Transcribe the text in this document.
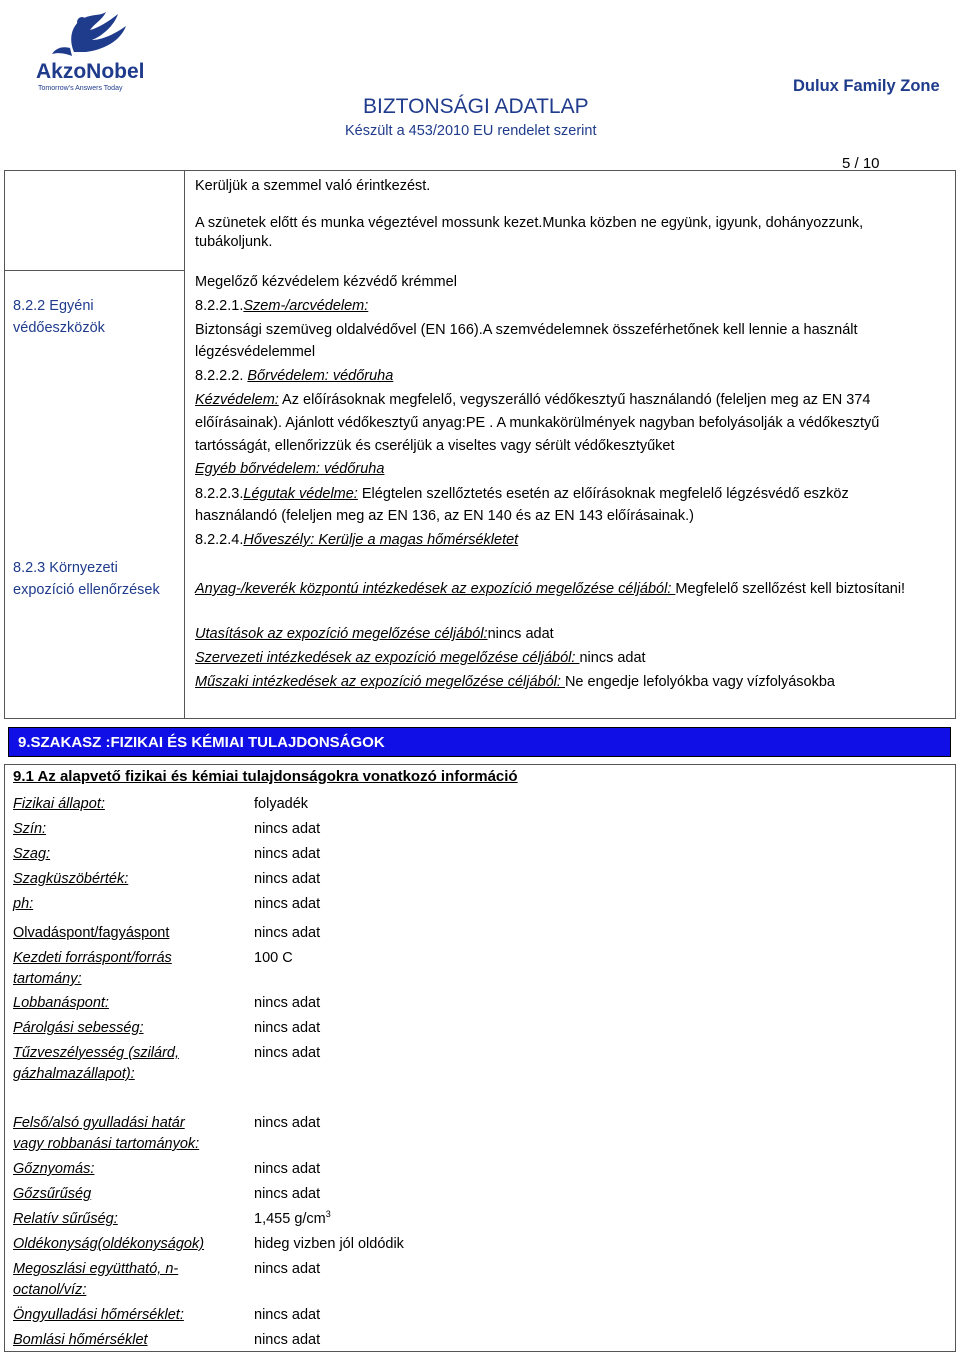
AkzoNobel
Tomorrow's Answers Today
BIZTONSÁGI ADATLAP
Készült a 453/2010 EU rendelet szerint
Dulux Family Zone
5 / 10
Kerüljük a szemmel való érintkezést.
A szünetek előtt és munka végeztével mossunk kezet.Munka közben ne együnk, igyunk, dohányozzunk,
tubákoljunk.
8.2.2 Egyéni védőeszközök
Megelőző kézvédelem kézvédő krémmel
8.2.2.1.Szem-/arcvédelem:
Biztonsági szemüveg oldalvédővel (EN 166).A szemvédelemnek összeférhetőnek kell lennie a használt légzésvédelemmel
8.2.2.2. Bőrvédelem: védőruha
Kézvédelem: Az előírásoknak megfelelő, vegyszerálló védőkesztyű használandó (feleljen meg az EN 374 előírásainak). Ajánlott védőkesztyű anyag:PE . A munkakörülmények nagyban befolyásolják a védőkesztyű tartósságát, ellenőrizzük és cseréljük a viseltes vagy sérült védőkesztyűket
Egyéb bőrvédelem: védőruha
8.2.2.3.Légutak védelme: Elégtelen szellőztetés esetén az előírásoknak megfelelő légzésvédő eszköz használandó (feleljen meg az EN 136, az EN 140 és az EN 143 előírásainak.)
8.2.2.4.Hőveszély: Kerülje a magas hőmérsékletet
8.2.3 Környezeti expozíció ellenőrzések	Anyag-/keverék központú intézkedések az expozíció megelőzése céljából: Megfelelő szellőzést kell biztosítani!
Utasítások az expozíció megelőzése céljából:nincs adat
Szervezeti intézkedések az expozíció megelőzése céljából: nincs adat
Műszaki intézkedések az expozíció megelőzése céljából: Ne engedje lefolyókba vagy vízfolyásokba
9.SZAKASZ :FIZIKAI ÉS KÉMIAI TULAJDONSÁGOK
9.1 Az alapvető fizikai és kémiai tulajdonságokra vonatkozó információ
Fizikai állapot:	folyadék
Szín:	nincs adat
Szag:	nincs adat
Szagküszöbérték:	nincs adat
ph:	nincs adat
Olvadáspont/fagyáspont	nincs adat
Kezdeti forráspont/forrás tartomány:
100 C
Lobbanáspont:	nincs adat
Párolgási sebesség:	nincs adat
Tűzveszélyesség (szilárd, gázhalmazállapot):
nincs adat
Felső/alsó gyulladási határ vagy robbanási tartományok:
nincs adat
Gőznyomás:	nincs adat
Gőzsűrűség	nincs adat
Relatív sűrűség:	1,455 $g/cm^3$
Oldékonyság(oldékonyságok)	hideg vizben jól oldódik
Megoszlási együttható, n-octanol/víz:
nincs adat
Öngyulladási hőmérséklet:	nincs adat
Bomlási hőmérséklet	nincs adat
